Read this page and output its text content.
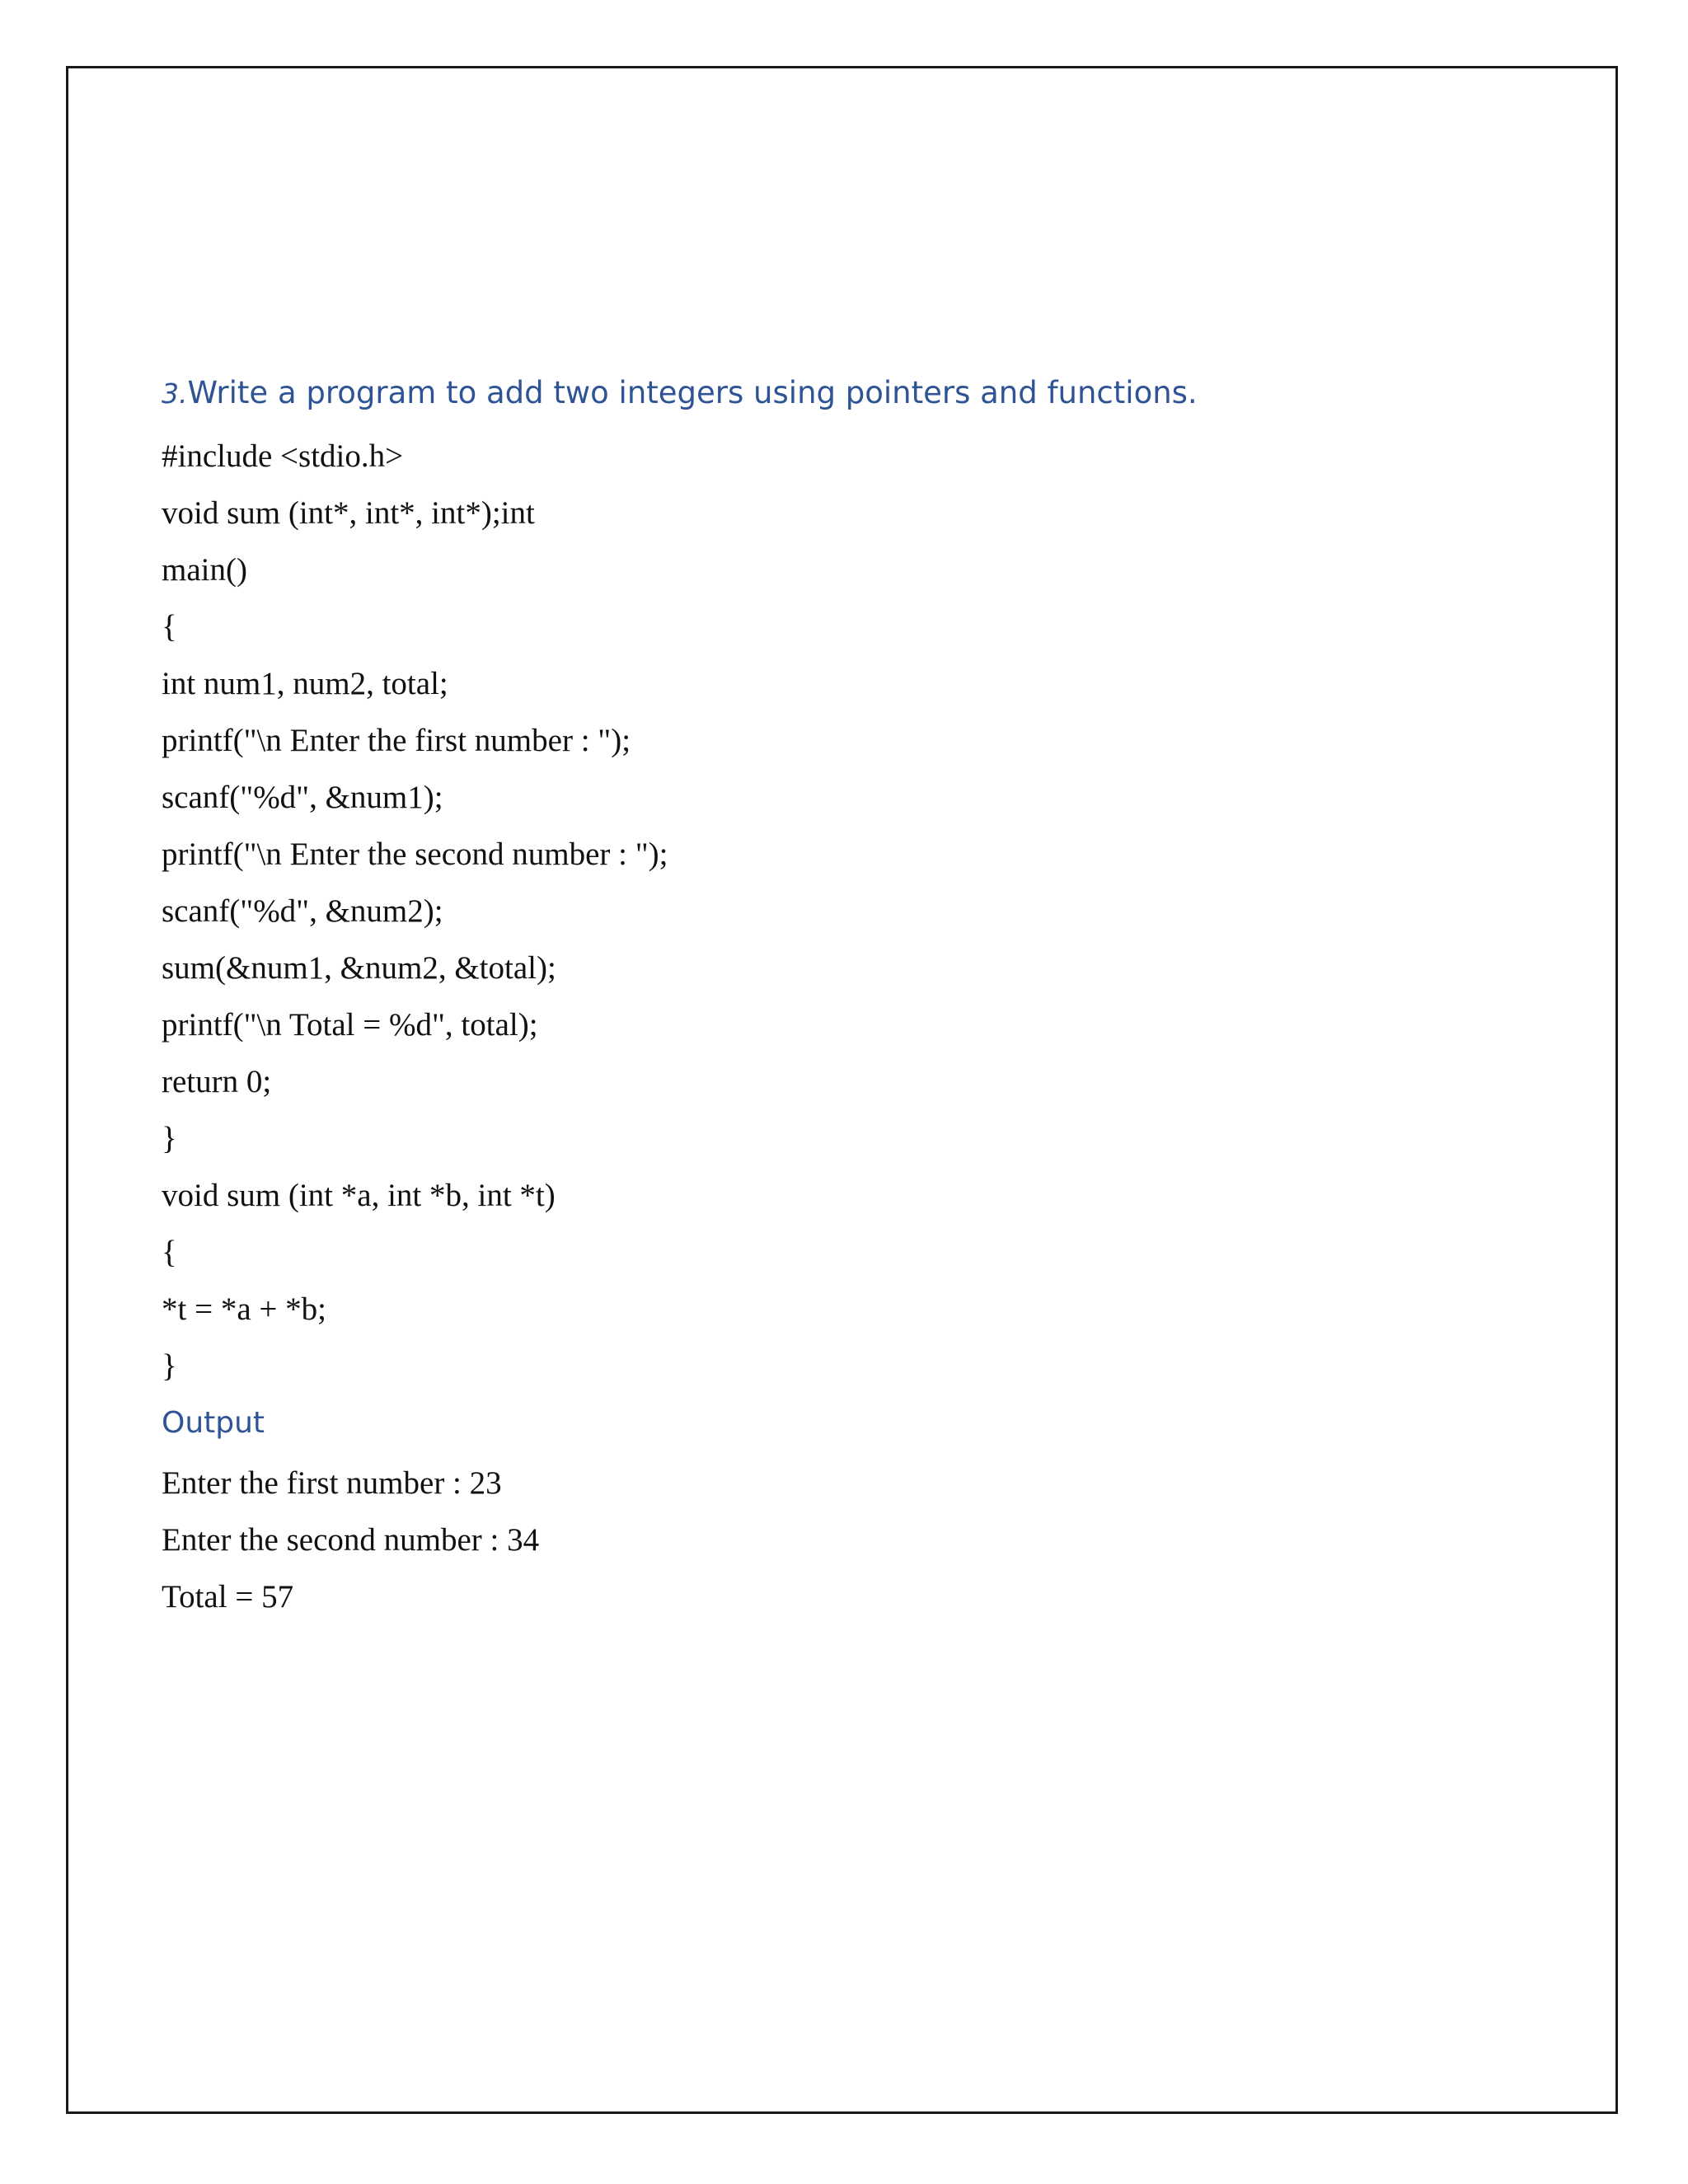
3.Write a program to add two integers using pointers and functions.
#include <stdio.h>
void sum (int*, int*, int*);int
main()
{
int num1, num2, total;
printf("\n Enter the first number : ");
scanf("%d", &num1);
printf("\n Enter the second number : ");
scanf("%d", &num2);
sum(&num1, &num2, &total);
printf("\n Total = %d", total);
return 0;
}
void sum (int *a, int *b, int *t)
{
*t = *a + *b;
}
Output
Enter the first number : 23
Enter the second number : 34
Total = 57
